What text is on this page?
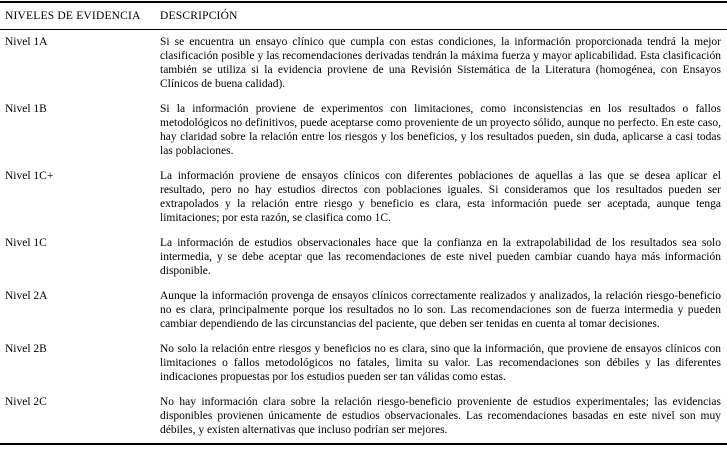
NIVELES DE EVIDENCIA	DESCRIPCIÓN
Nivel 1A	Si se encuentra un ensayo clínico que cumpla con estas condiciones, la información proporcionada tendrá la mejor clasificación posible y las recomendaciones derivadas tendrán la máxima fuerza y mayor aplicabilidad. Esta clasificación también se utiliza si la evidencia proviene de una Revisión Sistemática de la Literatura (homogénea, con Ensayos Clínicos de buena calidad).
Nivel 1B	Si la información proviene de experimentos con limitaciones, como inconsistencias en los resultados o fallos metodológicos no definitivos, puede aceptarse como proveniente de un proyecto sólido, aunque no perfecto. En este caso, hay claridad sobre la relación entre los riesgos y los beneficios, y los resultados pueden, sin duda, aplicarse a casi todas las poblaciones.
Nivel 1C+	La información proviene de ensayos clínicos con diferentes poblaciones de aquellas a las que se desea aplicar el resultado, pero no hay estudios directos con poblaciones iguales. Si consideramos que los resultados pueden ser extrapolados y la relación entre riesgo y beneficio es clara, esta información puede ser aceptada, aunque tenga limitaciones; por esta razón, se clasifica como 1C.
Nivel 1C	La información de estudios observacionales hace que la confianza en la extrapolabilidad de los resultados sea solo intermedia, y se debe aceptar que las recomendaciones de este nivel pueden cambiar cuando haya más información disponible.
Nivel 2A	Aunque la información provenga de ensayos clínicos correctamente realizados y analizados, la relación riesgo-beneficio no es clara, principalmente porque los resultados no lo son. Las recomendaciones son de fuerza intermedia y pueden cambiar dependiendo de las circunstancias del paciente, que deben ser tenidas en cuenta al tomar decisiones.
Nivel 2B	No solo la relación entre riesgos y beneficios no es clara, sino que la información, que proviene de ensayos clínicos con limitaciones o fallos metodológicos no fatales, limita su valor. Las recomendaciones son débiles y las diferentes indicaciones propuestas por los estudios pueden ser tan válidas como estas.
Nivel 2C	No hay información clara sobre la relación riesgo-beneficio proveniente de estudios experimentales; las evidencias disponibles provienen únicamente de estudios observacionales. Las recomendaciones basadas en este nivel son muy débiles, y existen alternativas que incluso podrían ser mejores.
